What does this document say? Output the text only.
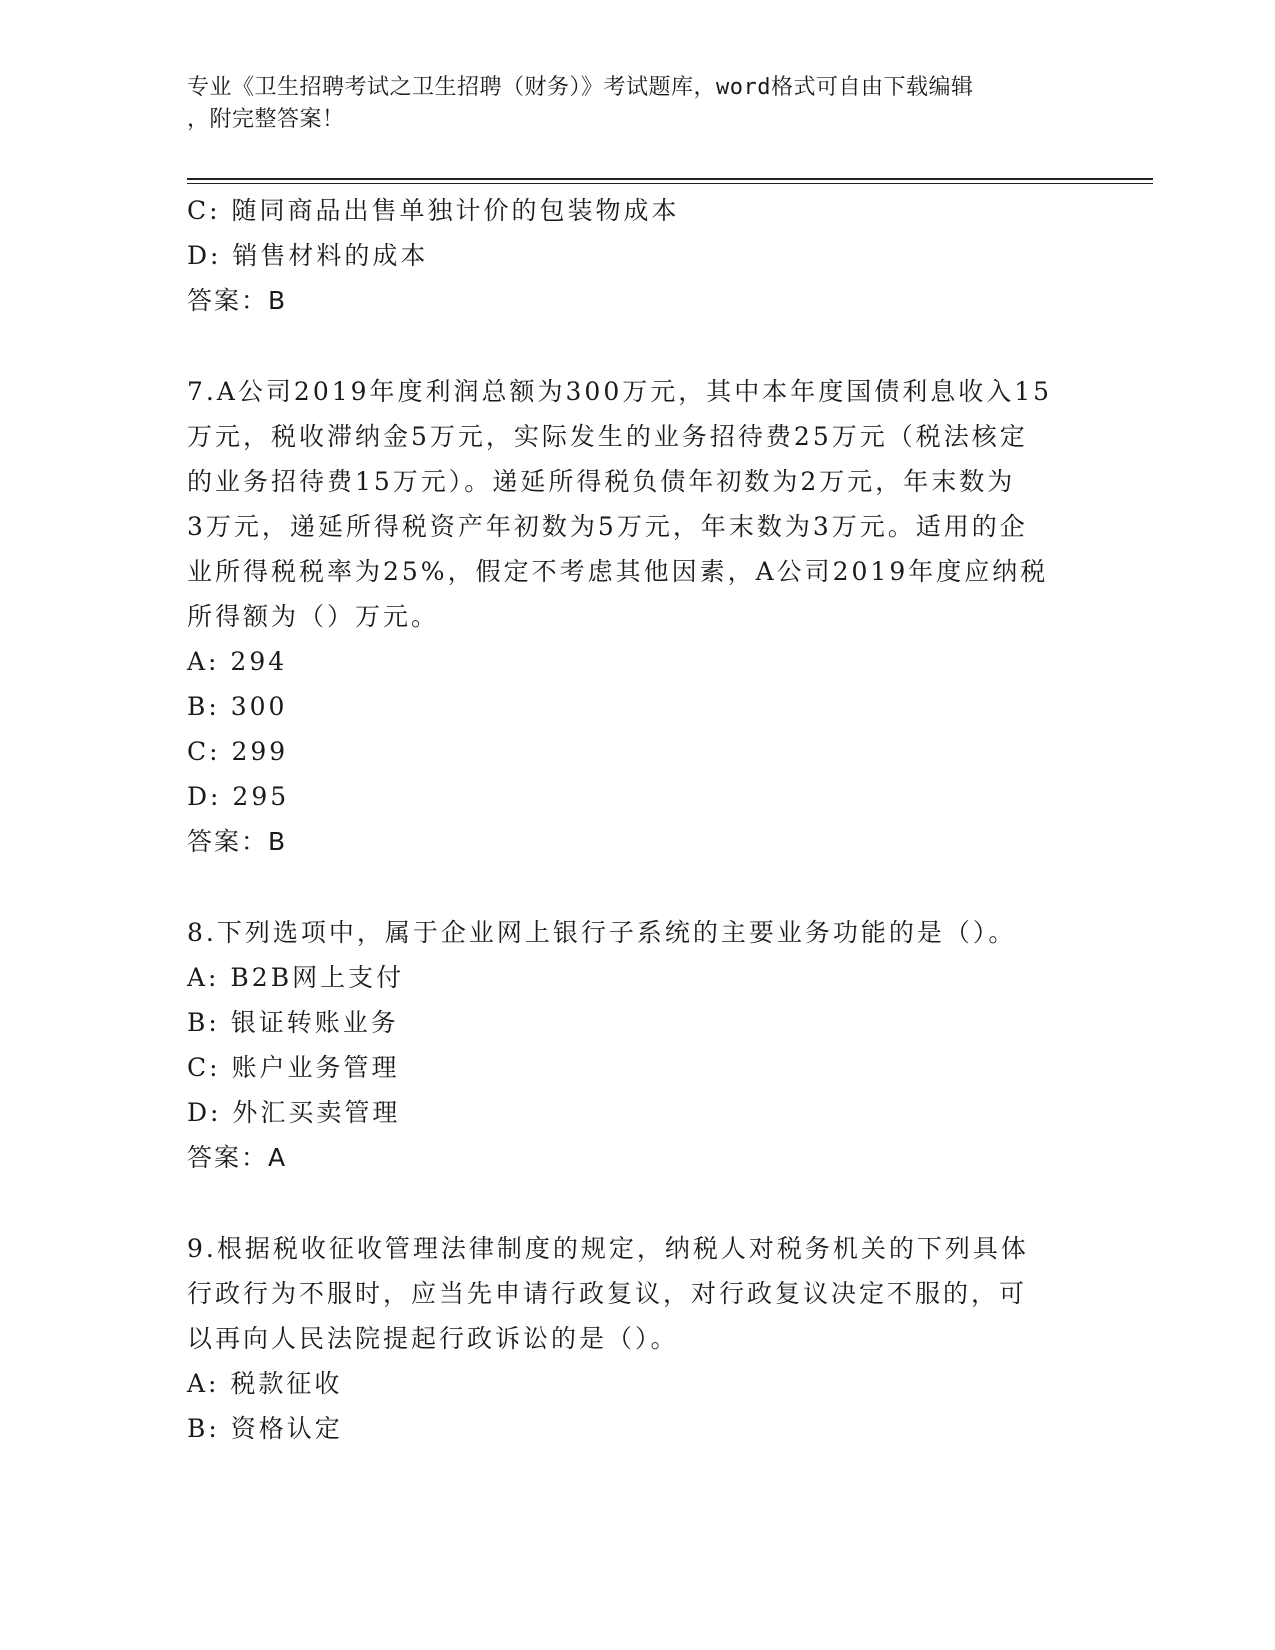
专业《卫生招聘考试之卫生招聘（财务）》考试题库，word格式可自由下载编辑
，附完整答案！
C: 随同商品出售单独计价的包装物成本
D: 销售材料的成本
答案：B
7.A公司2019年度利润总额为300万元，其中本年度国债利息收入15
万元，税收滞纳金5万元，实际发生的业务招待费25万元（税法核定
的业务招待费15万元）。递延所得税负债年初数为2万元，年末数为
3万元，递延所得税资产年初数为5万元，年末数为3万元。适用的企
业所得税税率为25%，假定不考虑其他因素，A公司2019年度应纳税
所得额为（）万元。
A: 294
B: 300
C: 299
D: 295
答案：B
8.下列选项中，属于企业网上银行子系统的主要业务功能的是（）。
A: B2B网上支付
B: 银证转账业务
C: 账户业务管理
D: 外汇买卖管理
答案：A
9.根据税收征收管理法律制度的规定，纳税人对税务机关的下列具体
行政行为不服时，应当先申请行政复议，对行政复议决定不服的，可
以再向人民法院提起行政诉讼的是（）。
A: 税款征收
B: 资格认定
